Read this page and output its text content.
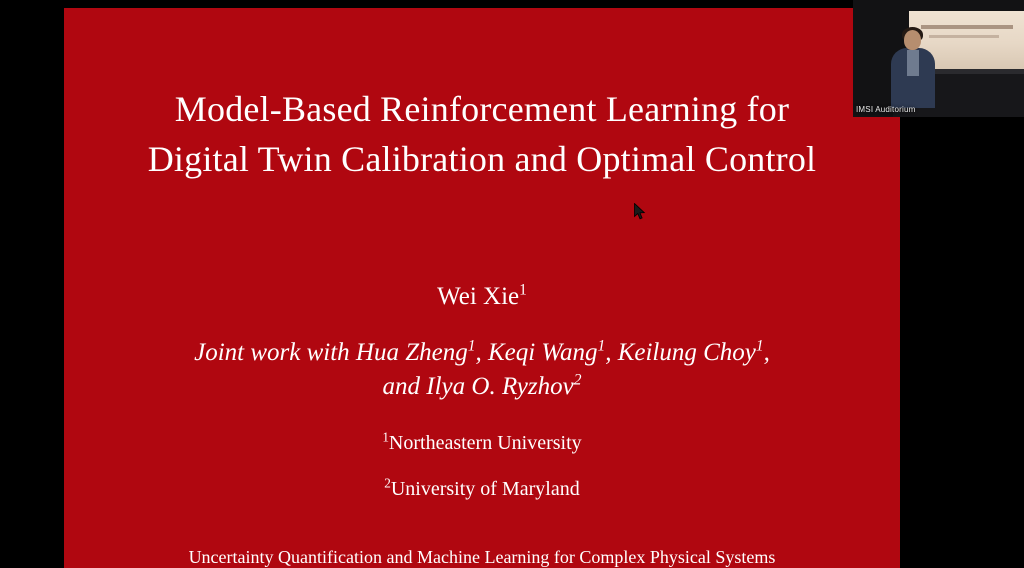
Model-Based Reinforcement Learning for
Digital Twin Calibration and Optimal Control
Wei Xie$^1$
Joint work with Hua Zheng$^1$, Keqi Wang$^1$, Keilung Choy$^1$,
and Ilya O. Ryzhov$^2$
$^1$Northeastern University
$^2$University of Maryland
Uncertainty Quantification and Machine Learning for Complex Physical Systems
IMSI Auditorium
